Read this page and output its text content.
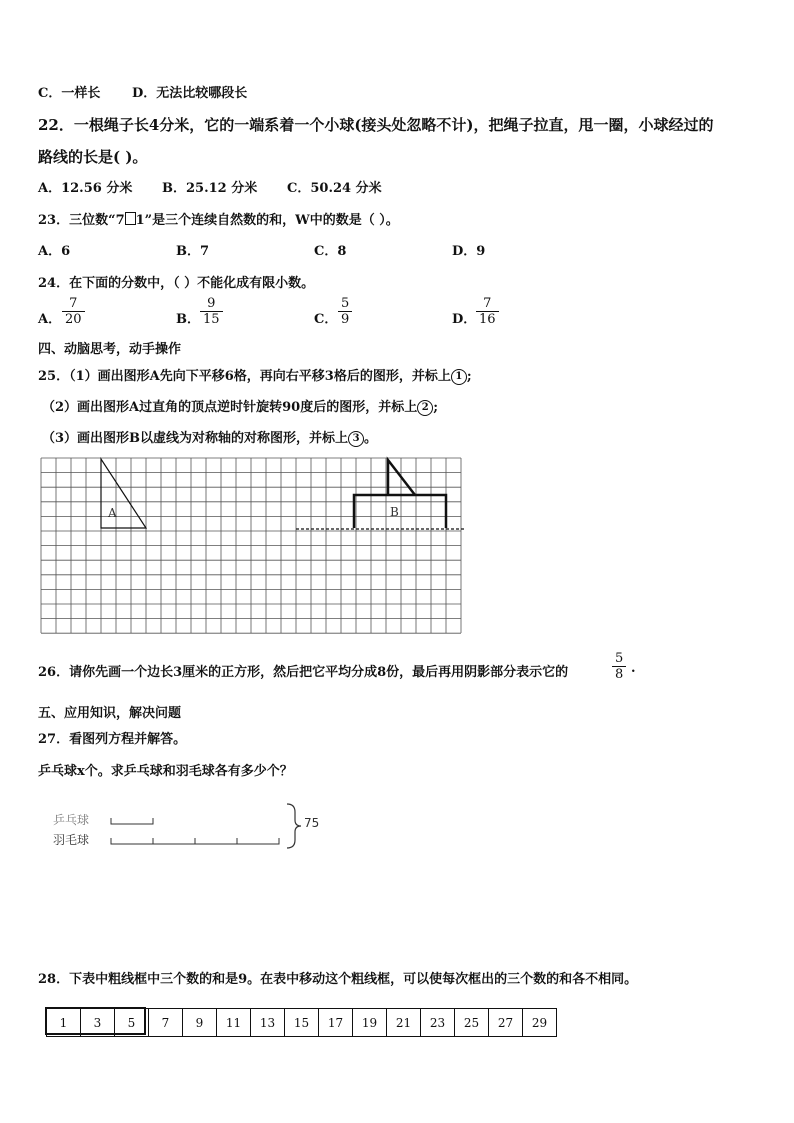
C．一样长 D．无法比较哪段长
22．一根绳子长4分米，它的一端系着一个小球(接头处忽略不计)，把绳子拉直，甩一圈，小球经过的
路线的长是( )。
A．12.56 分米 B．25.12 分米 C．50.24 分米
23．三位数“7 1”是三个连续自然数的和，W中的数是（ ）。
A．6	B．7	C．8	D．9
24．在下面的分数中，（ ）不能化成有限小数。
A．
7
20	B．
9
15	C．
5
9	D．
7
16
四、动脑思考，动手操作
25．（1）画出图形A先向下平移6格，再向右平移3格后的图形，并标上 1 ;
（2）画出图形A过直角的顶点逆时针旋转90度后的图形，并标上 2 ;
（3）画出图形B以虚线为对称轴的对称图形，并标上 3 。
A	B
26．请你先画一个边长3厘米的正方形，然后把它平均分成8份，最后再用阴影部分表示它的
5
8 .
五、应用知识，解决问题
27．看图列方程并解答。
乒乓球x个。求乒乓球和羽毛球各有多少个？
乒乓球
羽毛球
75
28．下表中粗线框中三个数的和是9。在表中移动这个粗线框，可以使每次框出的三个数的和各不相同。
1	3	5	7	9	11	13	15	17	19	21	23	25	27	29
